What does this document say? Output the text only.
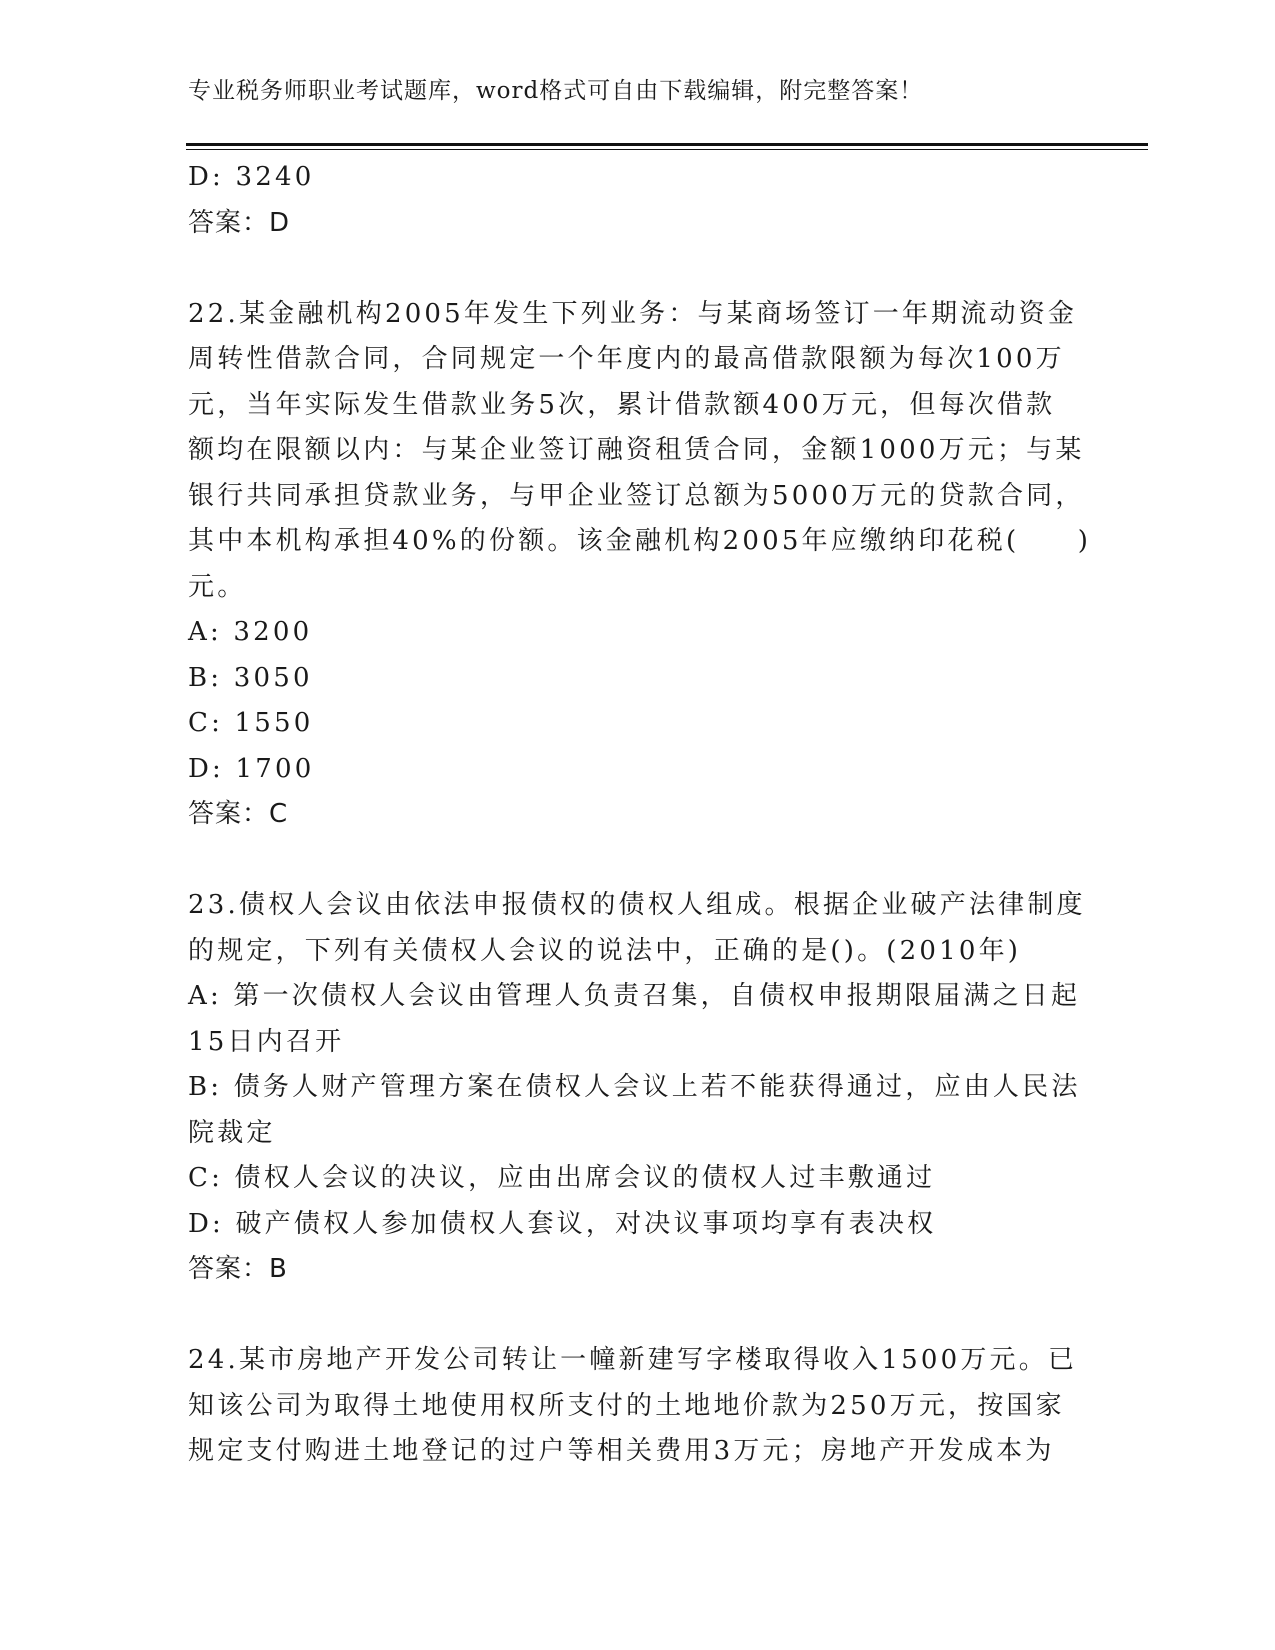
专业税务师职业考试题库，word格式可自由下载编辑，附完整答案！
D: 3240
答案：D
22.某金融机构2005年发生下列业务：与某商场签订一年期流动资金
周转性借款合同，合同规定一个年度内的最高借款限额为每次100万
元，当年实际发生借款业务5次，累计借款额400万元，但每次借款
额均在限额以内：与某企业签订融资租赁合同，金额1000万元；与某
银行共同承担贷款业务，与甲企业签订总额为5000万元的贷款合同，
其中本机构承担40%的份额。该金融机构2005年应缴纳印花税(　　)
元。
A: 3200
B: 3050
C: 1550
D: 1700
答案：C
23.债权人会议由依法申报债权的债权人组成。根据企业破产法律制度
的规定，下列有关债权人会议的说法中，正确的是()。(2010年)
A: 第一次债权人会议由管理人负责召集，自债权申报期限届满之日起
15日内召开
B: 债务人财产管理方案在债权人会议上若不能获得通过，应由人民法
院裁定
C: 债权人会议的决议，应由出席会议的债权人过丰敷通过
D: 破产债权人参加债权人套议，对决议事项均享有表决权
答案：B
24.某市房地产开发公司转让一幢新建写字楼取得收入1500万元。已
知该公司为取得土地使用权所支付的土地地价款为250万元，按国家
规定支付购进土地登记的过户等相关费用3万元；房地产开发成本为
